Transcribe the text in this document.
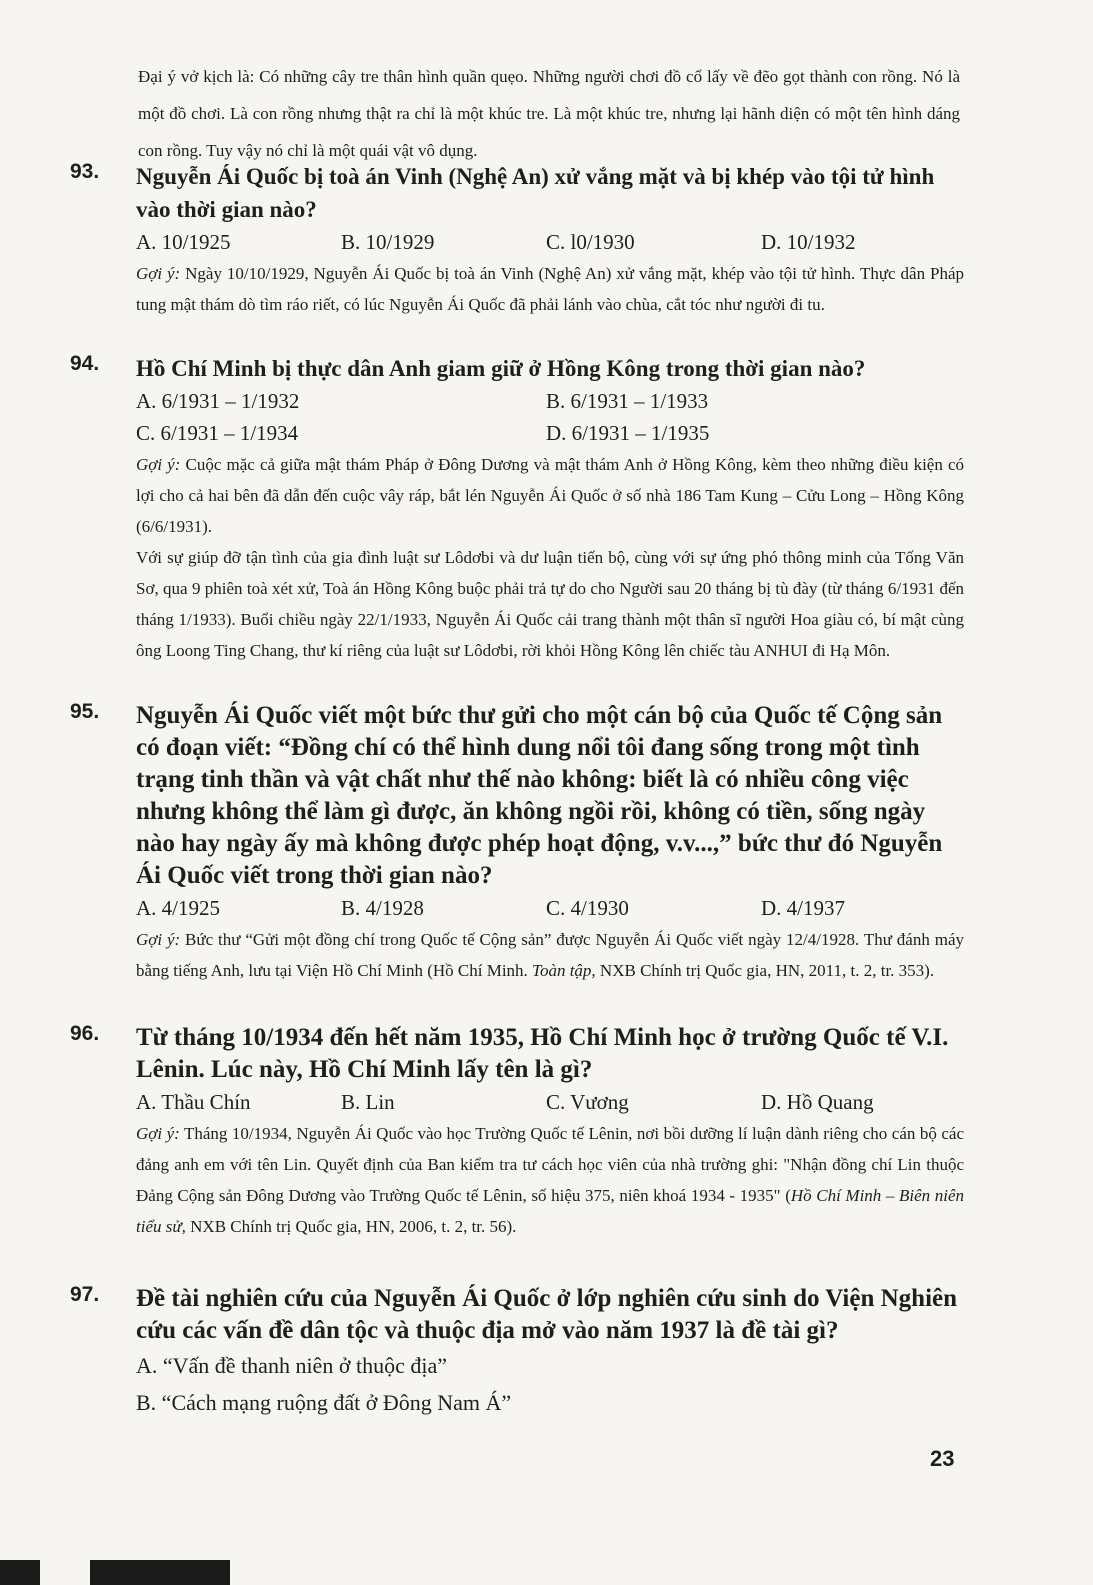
Đại ý vở kịch là: Có những cây tre thân hình quần quẹo. Những người chơi đồ cổ lấy về đẽo gọt thành con rồng. Nó là một đồ chơi. Là con rồng nhưng thật ra chỉ là một khúc tre. Là một khúc tre, nhưng lại hãnh diện có một tên hình dáng con rồng. Tuy vậy nó chỉ là một quái vật vô dụng.
93.	Nguyễn Ái Quốc bị toà án Vinh (Nghệ An) xử vắng mặt và bị khép vào tội tử hình vào thời gian nào?
A. 10/1925	B. 10/1929	C. l0/1930	D. 10/1932

Gợi ý: Ngày 10/10/1929, Nguyễn Ái Quốc bị toà án Vinh (Nghệ An) xử vắng mặt, khép vào tội tử hình. Thực dân Pháp tung mật thám dò tìm ráo riết, có lúc Nguyễn Ái Quốc đã phải lánh vào chùa, cắt tóc như người đi tu.

94.	Hồ Chí Minh bị thực dân Anh giam giữ ở Hồng Kông trong thời gian nào?
A. 6/1931 – 1/1932	B. 6/1931 – 1/1933
C. 6/1931 – 1/1934	D. 6/1931 – 1/1935

Gợi ý: Cuộc mặc cả giữa mật thám Pháp ở Đông Dương và mật thám Anh ở Hồng Kông, kèm theo những điều kiện có lợi cho cả hai bên đã dẫn đến cuộc vây ráp, bắt lén Nguyễn Ái Quốc ở số nhà 186 Tam Kung – Cửu Long – Hồng Kông (6/6/1931).

Với sự giúp đỡ tận tình của gia đình luật sư Lôdơbi và dư luận tiến bộ, cùng với sự ứng phó thông minh của Tống Văn Sơ, qua 9 phiên toà xét xử, Toà án Hồng Kông buộc phải trả tự do cho Người sau 20 tháng bị tù đày (từ tháng 6/1931 đến tháng 1/1933). Buổi chiều ngày 22/1/1933, Nguyễn Ái Quốc cải trang thành một thân sĩ người Hoa giàu có, bí mật cùng ông Loong Ting Chang, thư kí riêng của luật sư Lôdơbi, rời khỏi Hồng Kông lên chiếc tàu ANHUI đi Hạ Môn.

95.	Nguyễn Ái Quốc viết một bức thư gửi cho một cán bộ của Quốc tế Cộng sản có đoạn viết: “Đồng chí có thể hình dung nổi tôi đang sống trong một tình trạng tinh thần và vật chất như thế nào không: biết là có nhiều công việc nhưng không thể làm gì được, ăn không ngồi rồi, không có tiền, sống ngày nào hay ngày ấy mà không được phép hoạt động, v.v...,” bức thư đó Nguyễn Ái Quốc viết trong thời gian nào?
A. 4/1925	B. 4/1928	C. 4/1930	D. 4/1937

Gợi ý: Bức thư “Gửi một đồng chí trong Quốc tế Cộng sản” được Nguyễn Ái Quốc viết ngày 12/4/1928. Thư đánh máy bằng tiếng Anh, lưu tại Viện Hồ Chí Minh (Hồ Chí Minh. Toàn tập, NXB Chính trị Quốc gia, HN, 2011, t. 2, tr. 353).

96.	Từ tháng 10/1934 đến hết năm 1935, Hồ Chí Minh học ở trường Quốc tế V.I. Lênin. Lúc này, Hồ Chí Minh lấy tên là gì?
A. Thầu Chín	B. Lin	C. Vương	D. Hồ Quang

Gợi ý: Tháng 10/1934, Nguyễn Ái Quốc vào học Trường Quốc tế Lênin, nơi bồi dưỡng lí luận dành riêng cho cán bộ các đảng anh em với tên Lin. Quyết định của Ban kiểm tra tư cách học viên của nhà trường ghi: "Nhận đồng chí Lin thuộc Đảng Cộng sản Đông Dương vào Trường Quốc tế Lênin, số hiệu 375, niên khoá 1934 - 1935" (Hồ Chí Minh – Biên niên tiểu sử, NXB Chính trị Quốc gia, HN, 2006, t. 2, tr. 56).

97.	Đề tài nghiên cứu của Nguyễn Ái Quốc ở lớp nghiên cứu sinh do Viện Nghiên cứu các vấn đề dân tộc và thuộc địa mở vào năm 1937 là đề tài gì?
A. “Vấn đề thanh niên ở thuộc địa”
B. “Cách mạng ruộng đất ở Đông Nam Á”
23
